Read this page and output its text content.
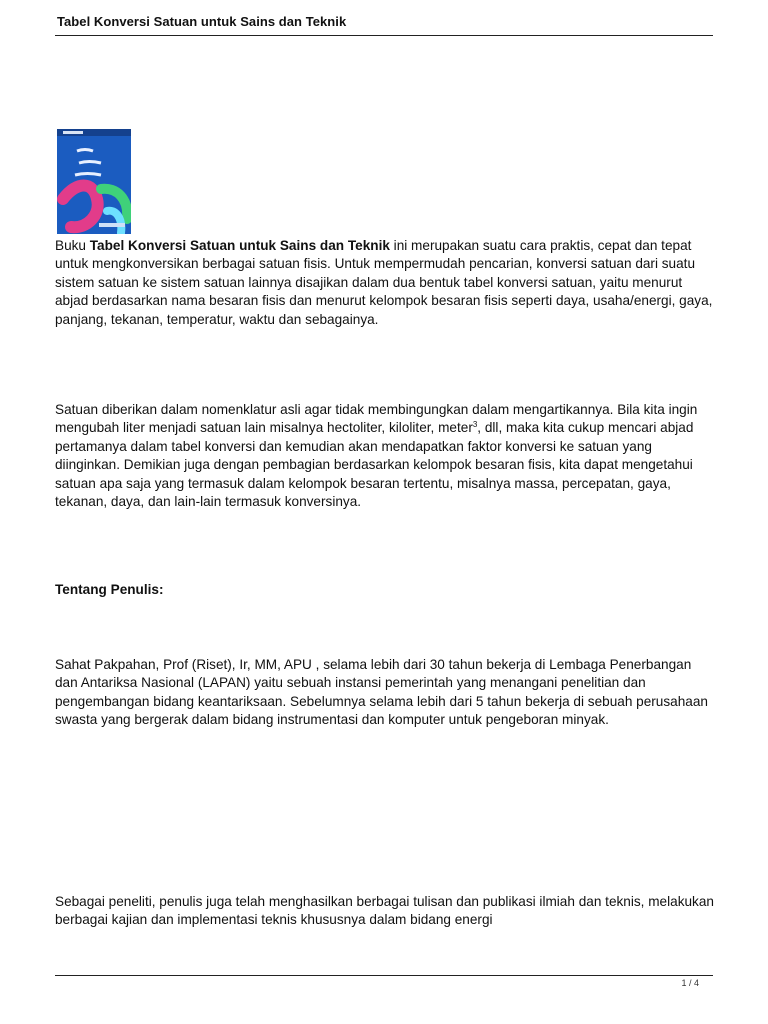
Tabel Konversi Satuan untuk Sains dan Teknik

Buku Tabel Konversi Satuan untuk Sains dan Teknik ini merupakan suatu cara praktis, cepat dan tepat untuk mengkonversikan berbagai satuan fisis. Untuk mempermudah pencarian, konversi satuan dari suatu sistem satuan ke sistem satuan lainnya disajikan dalam dua bentuk tabel konversi satuan, yaitu menurut abjad berdasarkan nama besaran fisis dan menurut kelompok besaran fisis seperti daya, usaha/energi, gaya, panjang, tekanan, temperatur, waktu dan sebagainya.

Satuan diberikan dalam nomenklatur asli agar tidak membingungkan dalam mengartikannya. Bila kita ingin mengubah liter menjadi satuan lain misalnya hectoliter, kiloliter, meter$^3$, dll, maka kita cukup mencari abjad pertamanya dalam tabel konversi dan kemudian akan mendapatkan faktor konversi ke satuan yang diinginkan. Demikian juga dengan pembagian berdasarkan kelompok besaran fisis, kita dapat mengetahui satuan apa saja yang termasuk dalam kelompok besaran tertentu, misalnya massa, percepatan, gaya, tekanan, daya, dan lain-lain termasuk konversinya.

Tentang Penulis:

Sahat Pakpahan, Prof (Riset), Ir, MM, APU , selama lebih dari 30 tahun bekerja di Lembaga Penerbangan dan Antariksa Nasional (LAPAN) yaitu sebuah instansi pemerintah yang menangani penelitian dan pengembangan bidang keantariksaan. Sebelumnya selama lebih dari 5 tahun bekerja di sebuah perusahaan swasta yang bergerak dalam bidang instrumentasi dan komputer untuk pengeboran minyak.

Sebagai peneliti, penulis juga telah menghasilkan berbagai tulisan dan publikasi ilmiah dan teknis, melakukan berbagai kajian dan implementasi teknis khususnya dalam bidang energi

1 / 4
